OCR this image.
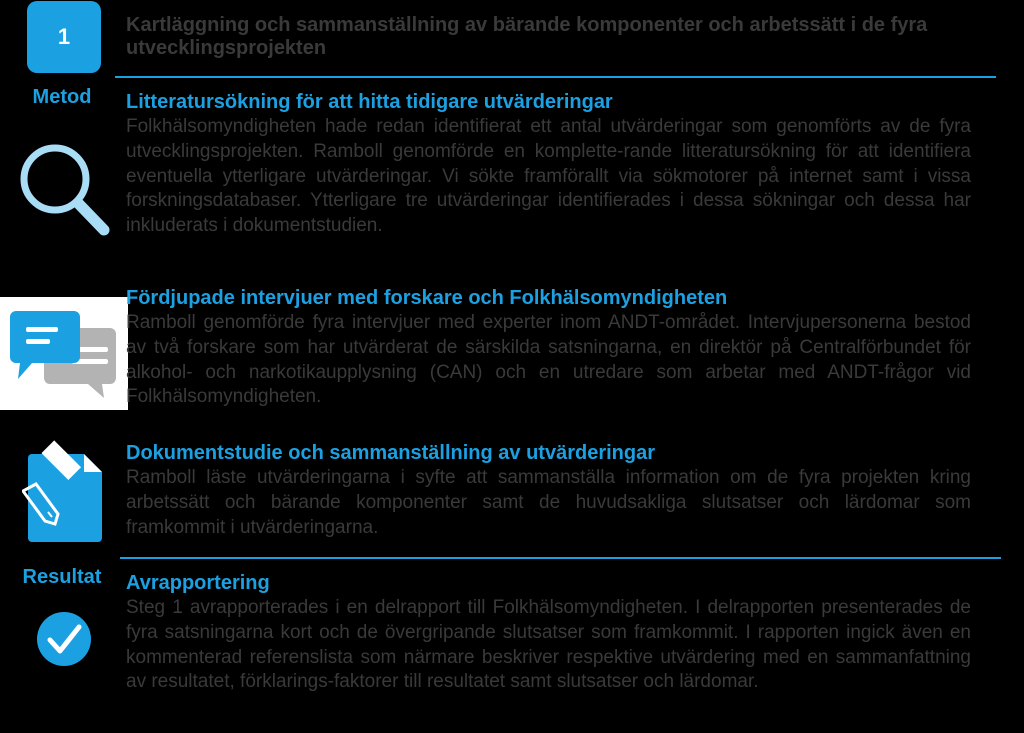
1	Kartläggning och sammanställning av bärande komponenter och arbetssätt i de fyra utvecklingsprojekten
Metod
Resultat
Litteratursökning för att hitta tidigare utvärderingar

Folkhälsomyndigheten hade redan identifierat ett antal utvärderingar som genomförts av de fyra utvecklingsprojekten. Ramboll genomförde en komplette-rande litteratursökning för att identifiera eventuella ytterligare utvärderingar. Vi sökte framförallt via sökmotorer på internet samt i vissa forskningsdatabaser. Ytterligare tre utvärderingar identifierades i dessa sökningar och dessa har inkluderats i dokumentstudien.

Fördjupade intervjuer med forskare och Folkhälsomyndigheten

Ramboll genomförde fyra intervjuer med experter inom ANDT-området. Intervjupersonerna bestod av två forskare som har utvärderat de särskilda satsningarna, en direktör på Centralförbundet för alkohol- och narkotikaupplysning (CAN) och en utredare som arbetar med ANDT-frågor vid Folkhälsomyndigheten.

Dokumentstudie och sammanställning av utvärderingar

Ramboll läste utvärderingarna i syfte att sammanställa information om de fyra projekten kring arbetssätt och bärande komponenter samt de huvudsakliga slutsatser och lärdomar som framkommit i utvärderingarna.

Avrapportering

Steg 1 avrapporterades i en delrapport till Folkhälsomyndigheten. I delrapporten presenterades de fyra satsningarna kort och de övergripande slutsatser som framkommit. I rapporten ingick även en kommenterad referenslista som närmare beskriver respektive utvärdering med en sammanfattning av resultatet, förklarings-faktorer till resultatet samt slutsatser och lärdomar.
